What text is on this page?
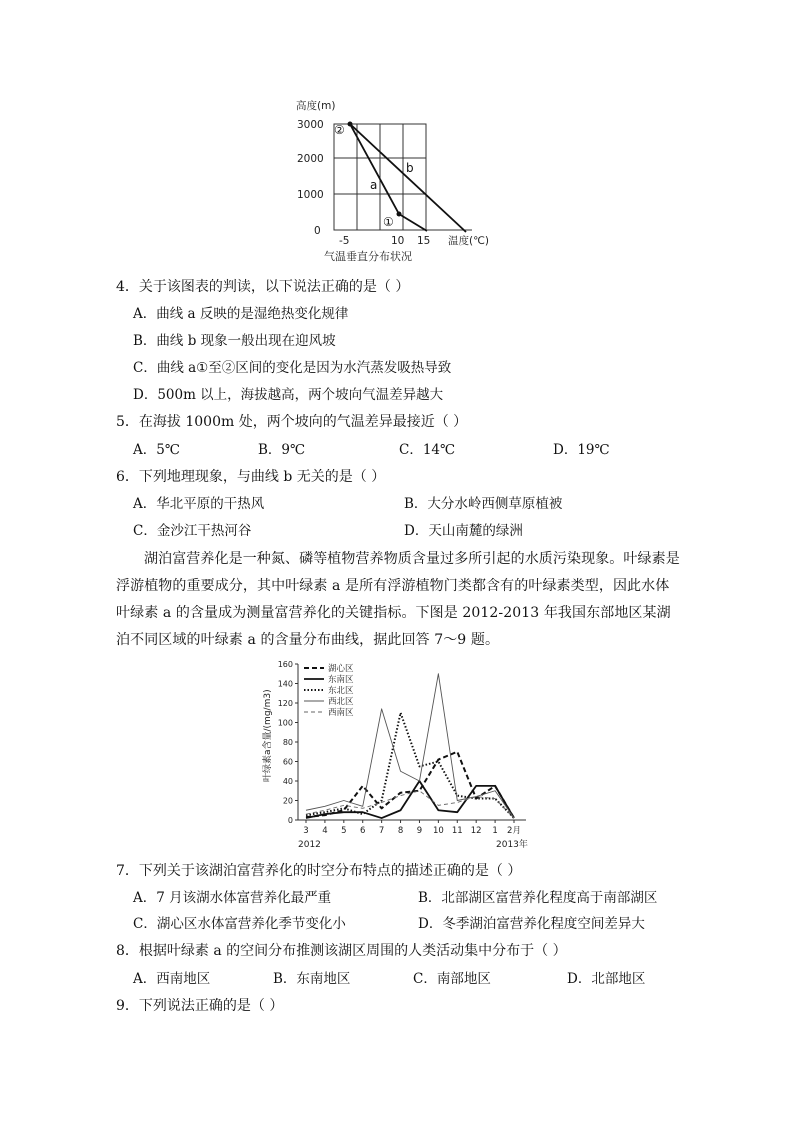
高度(m)
3000
2000
1000
0
-5	10 15 温度(℃)
气温垂直分布状况
a
b
①
②
4．关于该图表的判读，以下说法正确的是（ ）
A．曲线 a 反映的是湿绝热变化规律
B．曲线 b 现象一般出现在迎风坡
C．曲线 a①至②区间的变化是因为水汽蒸发吸热导致
D．500m 以上，海拔越高，两个坡向气温差异越大
5．在海拔 1000m 处，两个坡向的气温差异最接近（ ）
A．5℃	B．9℃	C．14℃	D．19℃
6．下列地理现象，与曲线 b 无关的是（ ）
A．华北平原的干热风	B．大分水岭西侧草原植被
C．金沙江干热河谷	D．天山南麓的绿洲
湖泊富营养化是一种氮、磷等植物营养物质含量过多所引起的水质污染现象。叶绿素是浮游植物的重要成分，其中叶绿素 a 是所有浮游植物门类都含有的叶绿素类型，因此水体叶绿素 a 的含量成为测量富营养化的关键指标。下图是 2012-2013 年我国东部地区某湖泊不同区域的叶绿素 a 的含量分布曲线，据此回答 7～9 题。
叶绿素a含量/(mg/m3)
0
20
40
60
80
100
120
140
160
3 4 5 6 7 8 9 10 11 12 1 2月
湖心区
东南区
东北区
西北区
西南区
2012	2013年
7．下列关于该湖泊富营养化的时空分布特点的描述正确的是（ ）
A．7 月该湖水体富营养化最严重	B．北部湖区富营养化程度高于南部湖区
C．湖心区水体富营养化季节变化小	D．冬季湖泊富营养化程度空间差异大
8．根据叶绿素 a 的空间分布推测该湖区周围的人类活动集中分布于（ ）
A．西南地区	B．东南地区	C．南部地区	D．北部地区
9．下列说法正确的是（ ）
